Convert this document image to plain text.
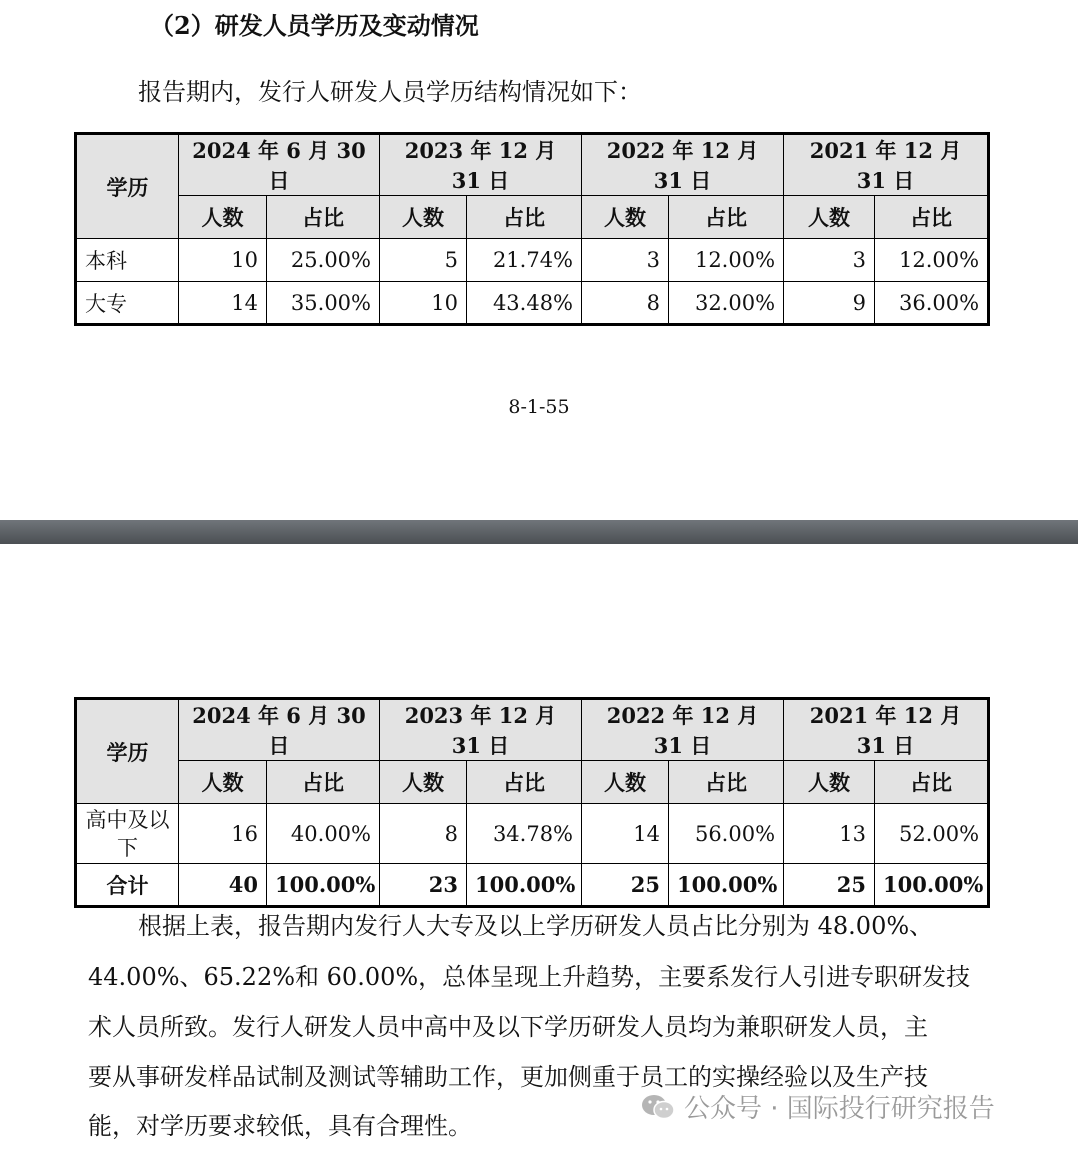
（2）研发人员学历及变动情况
报告期内，发行人研发人员学历结构情况如下：
学历	2024 年 6 月 30 日		2023 年 12 月 31 日		2022 年 12 月 31 日		2021 年 12 月 31 日	
	人数	占比	人数	占比	人数	占比	人数	占比
本科	10	25.00%	5	21.74%	3	12.00%	3	12.00%
大专	14	35.00%	10	43.48%	8	32.00%	9	36.00%
8-1-55
学历	2024 年 6 月 30 日		2023 年 12 月 31 日		2022 年 12 月 31 日		2021 年 12 月 31 日	
	人数	占比	人数	占比	人数	占比	人数	占比
高中及以下	16	40.00%	8	34.78%	14	56.00%	13	52.00%
合计	40	100.00%	23	100.00%	25	100.00%	25	100.00%
根据上表，报告期内发行人大专及以上学历研发人员占比分别为 48.00%、
44.00%、65.22%和 60.00%，总体呈现上升趋势，主要系发行人引进专职研发技
术人员所致。发行人研发人员中高中及以下学历研发人员均为兼职研发人员，主
要从事研发样品试制及测试等辅助工作，更加侧重于员工的实操经验以及生产技
能，对学历要求较低，具有合理性。
公众号 · 国际投行研究报告
